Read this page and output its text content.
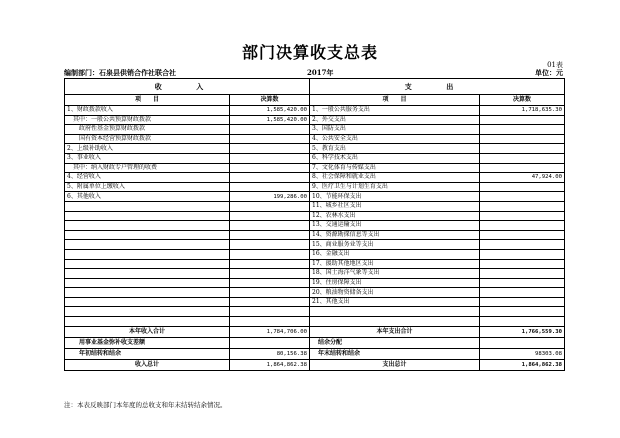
部门决算收支总表
01表
编制部门：石泉县供销合作社联合社	2017年	单位：元
收 入		支 出	
项　　目	决算数	项　　目	决算数
1、财政拨款收入	1,585,420.00	1、一般公共服务支出	1,718,635.30
其中：一般公共预算财政拨款	1,585,420.00	2、外交支出	
政府性基金预算财政拨款		3、国防支出	
国有资本经营预算财政拨款		4、公共安全支出	
2、上级补助收入		5、教育支出	
3、事业收入		6、科学技术支出	
其中：纳入财政专户管理的收费		7、文化体育与传媒支出	
4、经营收入		8、社会保障和就业支出	47,924.00
5、附属单位上缴收入		9、医疗卫生与计划生育支出	
6、其他收入	199,286.00	10、节能环保支出	
		11、城乡社区支出	
		12、农林水支出	
		13、交通运输支出	
		14、资源勘探信息等支出	
		15、商业服务业等支出	
		16、金融支出	
		17、援助其他地区支出	
		18、国土海洋气象等支出	
		19、住房保障支出	
		20、粮油物资储备支出	
		21、其他支出	

本年收入合计	1,784,706.00	本年支出合计	1,766,559.30
用事业基金弥补收支差额		结余分配	
年初结转和结余	80,156.38	年末结转和结余	98303.08
收入总计	1,864,862.38	支出总计	1,864,862.38
注：本表反映部门本年度的总收支和年末结转结余情况。
